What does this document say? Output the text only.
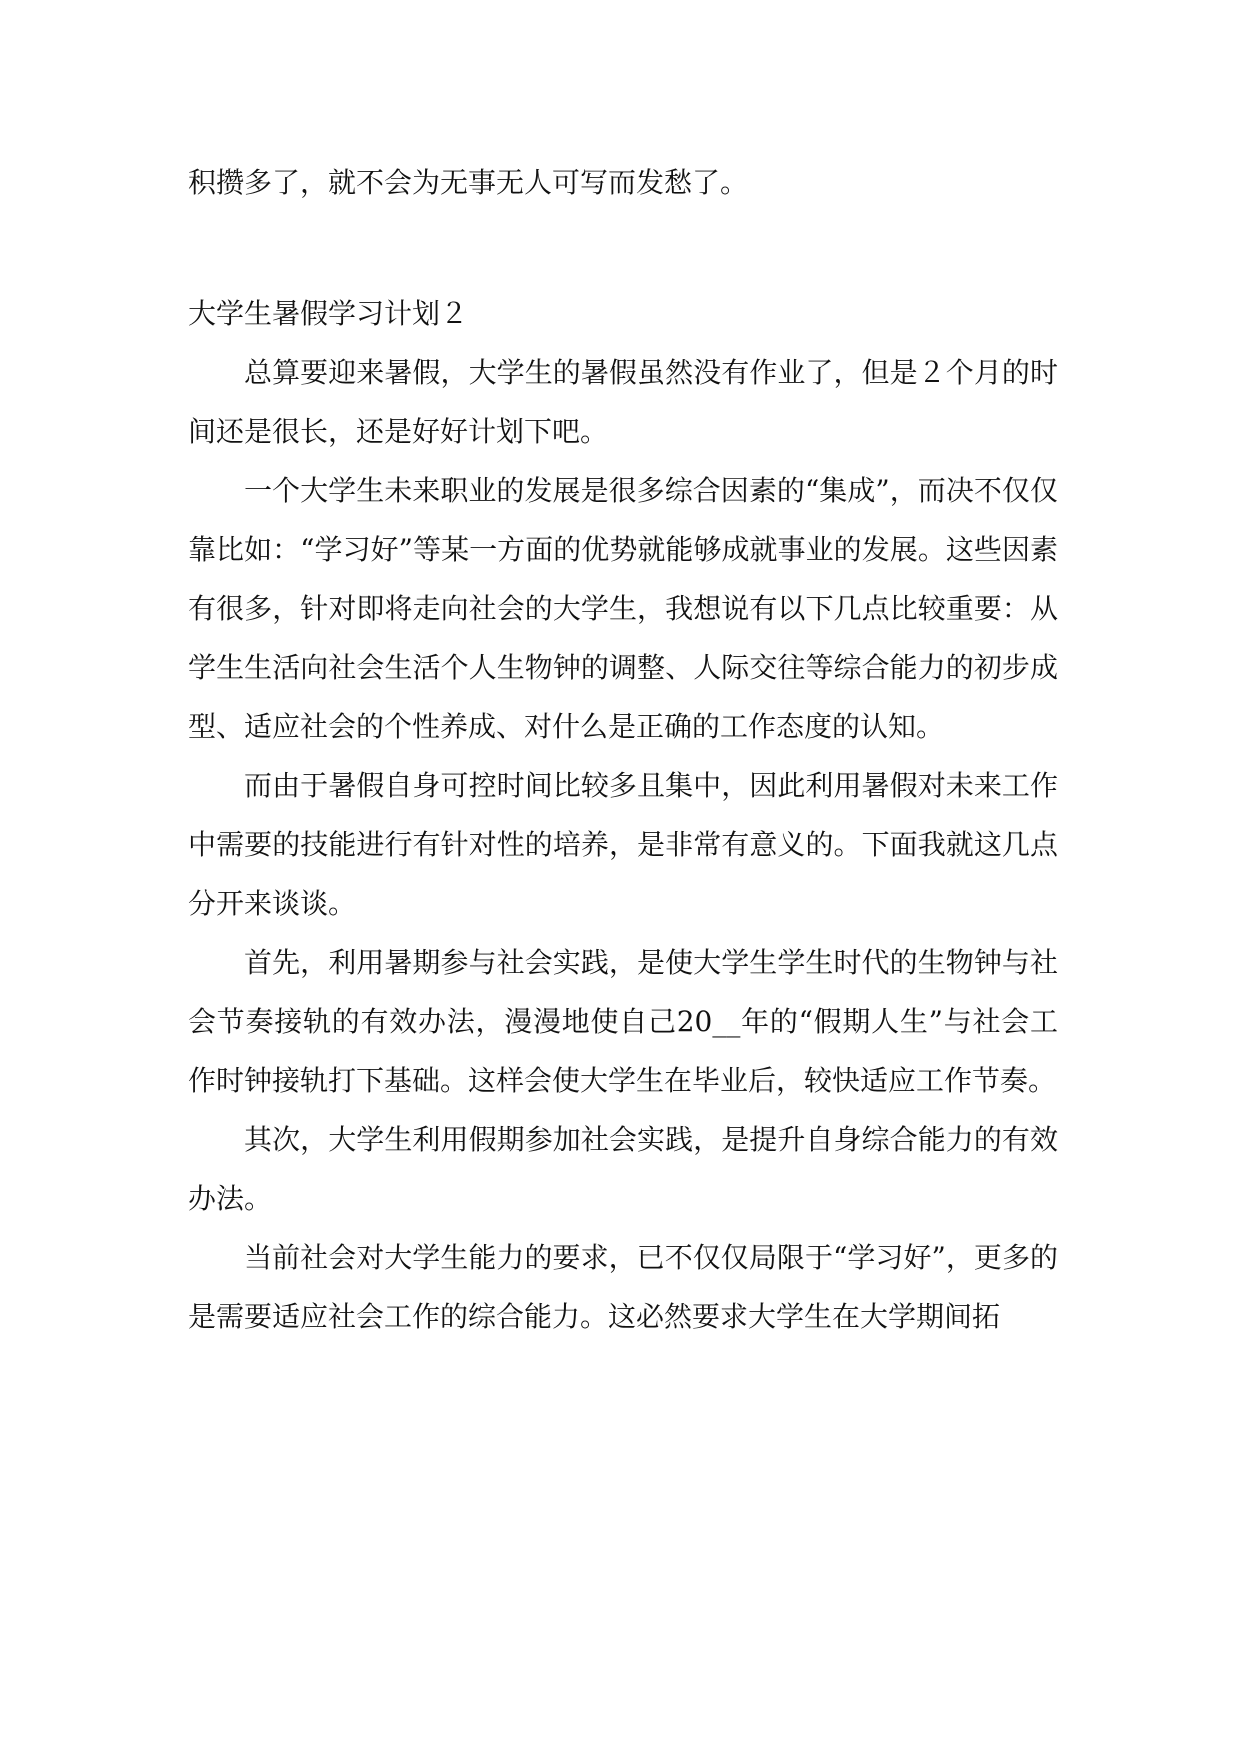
积攒多了，就不会为无事无人可写而发愁了。

大学生暑假学习计划２

总算要迎来暑假，大学生的暑假虽然没有作业了，但是２个月的时间还是很长，还是好好计划下吧。

一个大学生未来职业的发展是很多综合因素的“集成”，而决不仅仅靠比如：“学习好”等某一方面的优势就能够成就事业的发展。这些因素有很多，针对即将走向社会的大学生，我想说有以下几点比较重要：从学生生活向社会生活个人生物钟的调整、人际交往等综合能力的初步成型、适应社会的个性养成、对什么是正确的工作态度的认知。

而由于暑假自身可控时间比较多且集中，因此利用暑假对未来工作中需要的技能进行有针对性的培养，是非常有意义的。下面我就这几点分开来谈谈。

首先，利用暑期参与社会实践，是使大学生学生时代的生物钟与社会节奏接轨的有效办法，漫漫地使自己20__年的“假期人生”与社会工作时钟接轨打下基础。这样会使大学生在毕业后，较快适应工作节奏。

其次，大学生利用假期参加社会实践，是提升自身综合能力的有效办法。

当前社会对大学生能力的要求，已不仅仅局限于“学习好”，更多的是需要适应社会工作的综合能力。这必然要求大学生在大学期间拓
